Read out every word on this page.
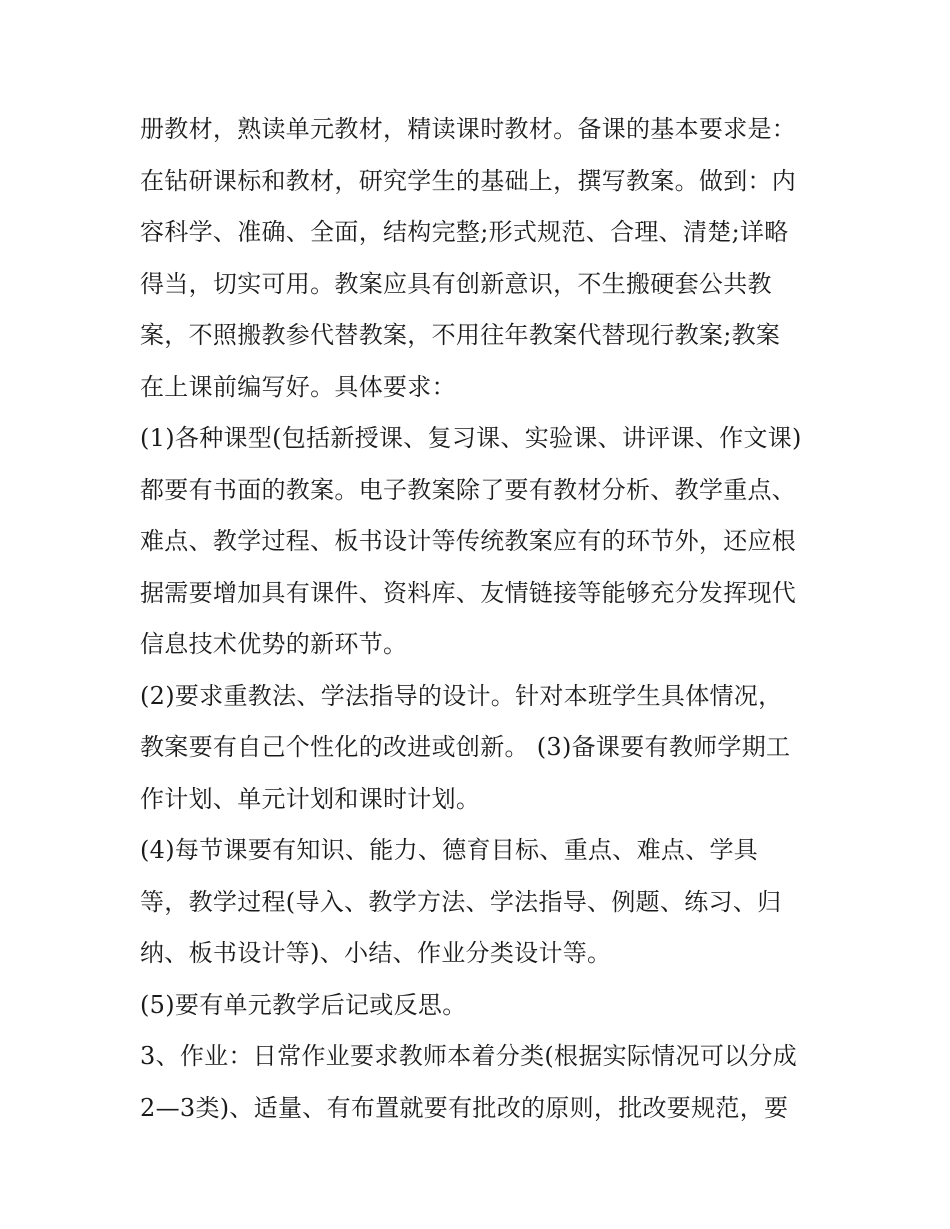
册教材，熟读单元教材，精读课时教材。备课的基本要求是：
在钻研课标和教材，研究学生的基础上，撰写教案。做到：内
容科学、准确、全面，结构完整;形式规范、合理、清楚;详略
得当，切实可用。教案应具有创新意识，不生搬硬套公共教
案，不照搬教参代替教案，不用往年教案代替现行教案;教案
在上课前编写好。具体要求：
(1)各种课型(包括新授课、复习课、实验课、讲评课、作文课)
都要有书面的教案。电子教案除了要有教材分析、教学重点、
难点、教学过程、板书设计等传统教案应有的环节外，还应根
据需要增加具有课件、资料库、友情链接等能够充分发挥现代
信息技术优势的新环节。
(2)要求重教法、学法指导的设计。针对本班学生具体情况，
教案要有自己个性化的改进或创新。 (3)备课要有教师学期工
作计划、单元计划和课时计划。
(4)每节课要有知识、能力、德育目标、重点、难点、学具
等，教学过程(导入、教学方法、学法指导、例题、练习、归
纳、板书设计等)、小结、作业分类设计等。
(5)要有单元教学后记或反思。
3、作业：日常作业要求教师本着分类(根据实际情况可以分成
2—3类)、适量、有布置就要有批改的原则，批改要规范，要
